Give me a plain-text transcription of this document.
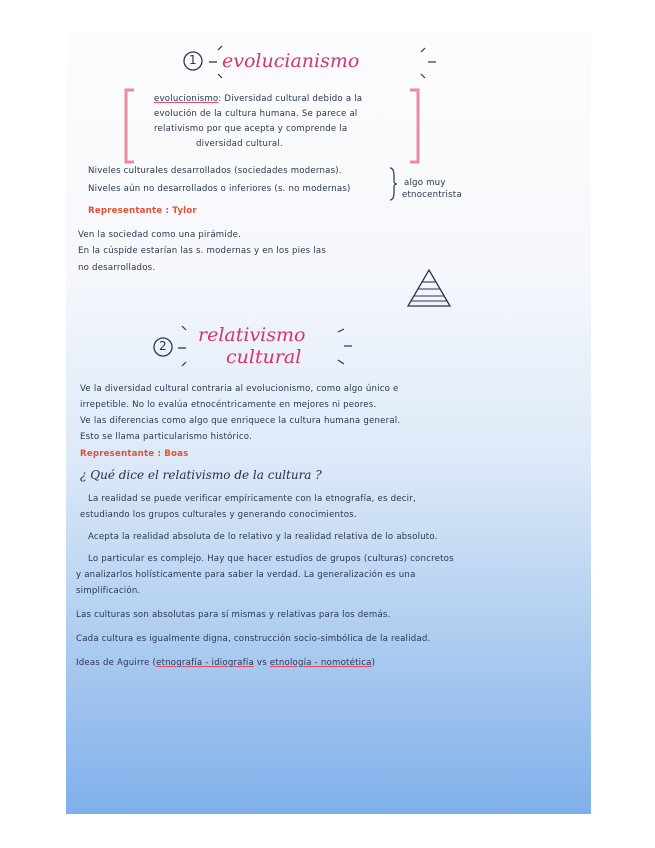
1 evolucianismo
evolucionismo: Diversidad cultural debido a la
evolución de la cultura humana. Se parece al
relativismo por que acepta y comprende la
diversidad cultural.
Niveles culturales desarrollados (sociedades modernas).
Niveles aún no desarrollados o inferiores (s. no modernas)
algo muy
etnocentrista
Representante : Tylor
Ven la sociedad como una pirámide.
En la cúspide estarían las s. modernas y en los pies las
no desarrollados.
2 relativismo
cultural
Ve la diversidad cultural contraria al evolucionismo, como algo único e
irrepetible. No lo evalúa etnocéntricamente en mejores ni peores.
Ve las diferencias como algo que enriquece la cultura humana general.
Esto se llama particularismo histórico.
Representante : Boas
¿ Qué dice el relativismo de la cultura ?
La realidad se puede verificar empíricamente con la etnografía, es decir,
estudiando los grupos culturales y generando conocimientos.
Acepta la realidad absoluta de lo relativo y la realidad relativa de lo absoluto.
Lo particular es complejo. Hay que hacer estudios de grupos (culturas) concretos
y analizarlos holísticamente para saber la verdad. La generalización es una
simplificación.
Las culturas son absolutas para sí mismas y relativas para los demás.
Cada cultura es igualmente digna, construcción socio-simbólica de la realidad.
Ideas de Aguirre (etnografía - idiografía vs etnología - nomotética)
